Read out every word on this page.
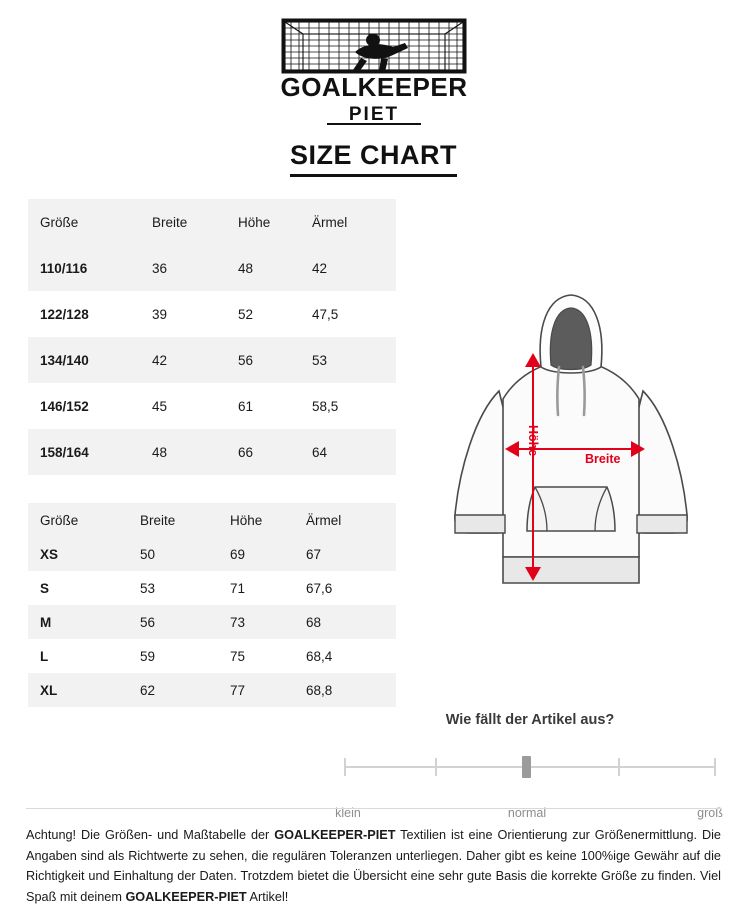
GOALKEEPER
PIET
SIZE CHART
Größe	Breite	Höhe	Ärmel
110/116	36	48	42
122/128	39	52	47,5
134/140	42	56	53
146/152	45	61	58,5
158/164	48	66	64
Größe	Breite	Höhe	Ärmel
XS	50	69	67
S	53	71	67,6
M	56	73	68
L	59	75	68,4
XL	62	77	68,8
Höhe
Breite
Wie fällt der Artikel aus?
klein	normal	groß

Achtung! Die Größen- und Maßtabelle der GOALKEEPER-PIET Textilien ist eine Orientierung zur Größenermittlung. Die Angaben sind als Richtwerte zu sehen, die regulären Toleranzen unterliegen. Daher gibt es keine 100%ige Gewähr auf die Richtigkeit und Einhaltung der Daten. Trotzdem bietet die Übersicht eine sehr gute Basis die korrekte Größe zu finden. Viel Spaß mit deinem GOALKEEPER-PIET Artikel!
